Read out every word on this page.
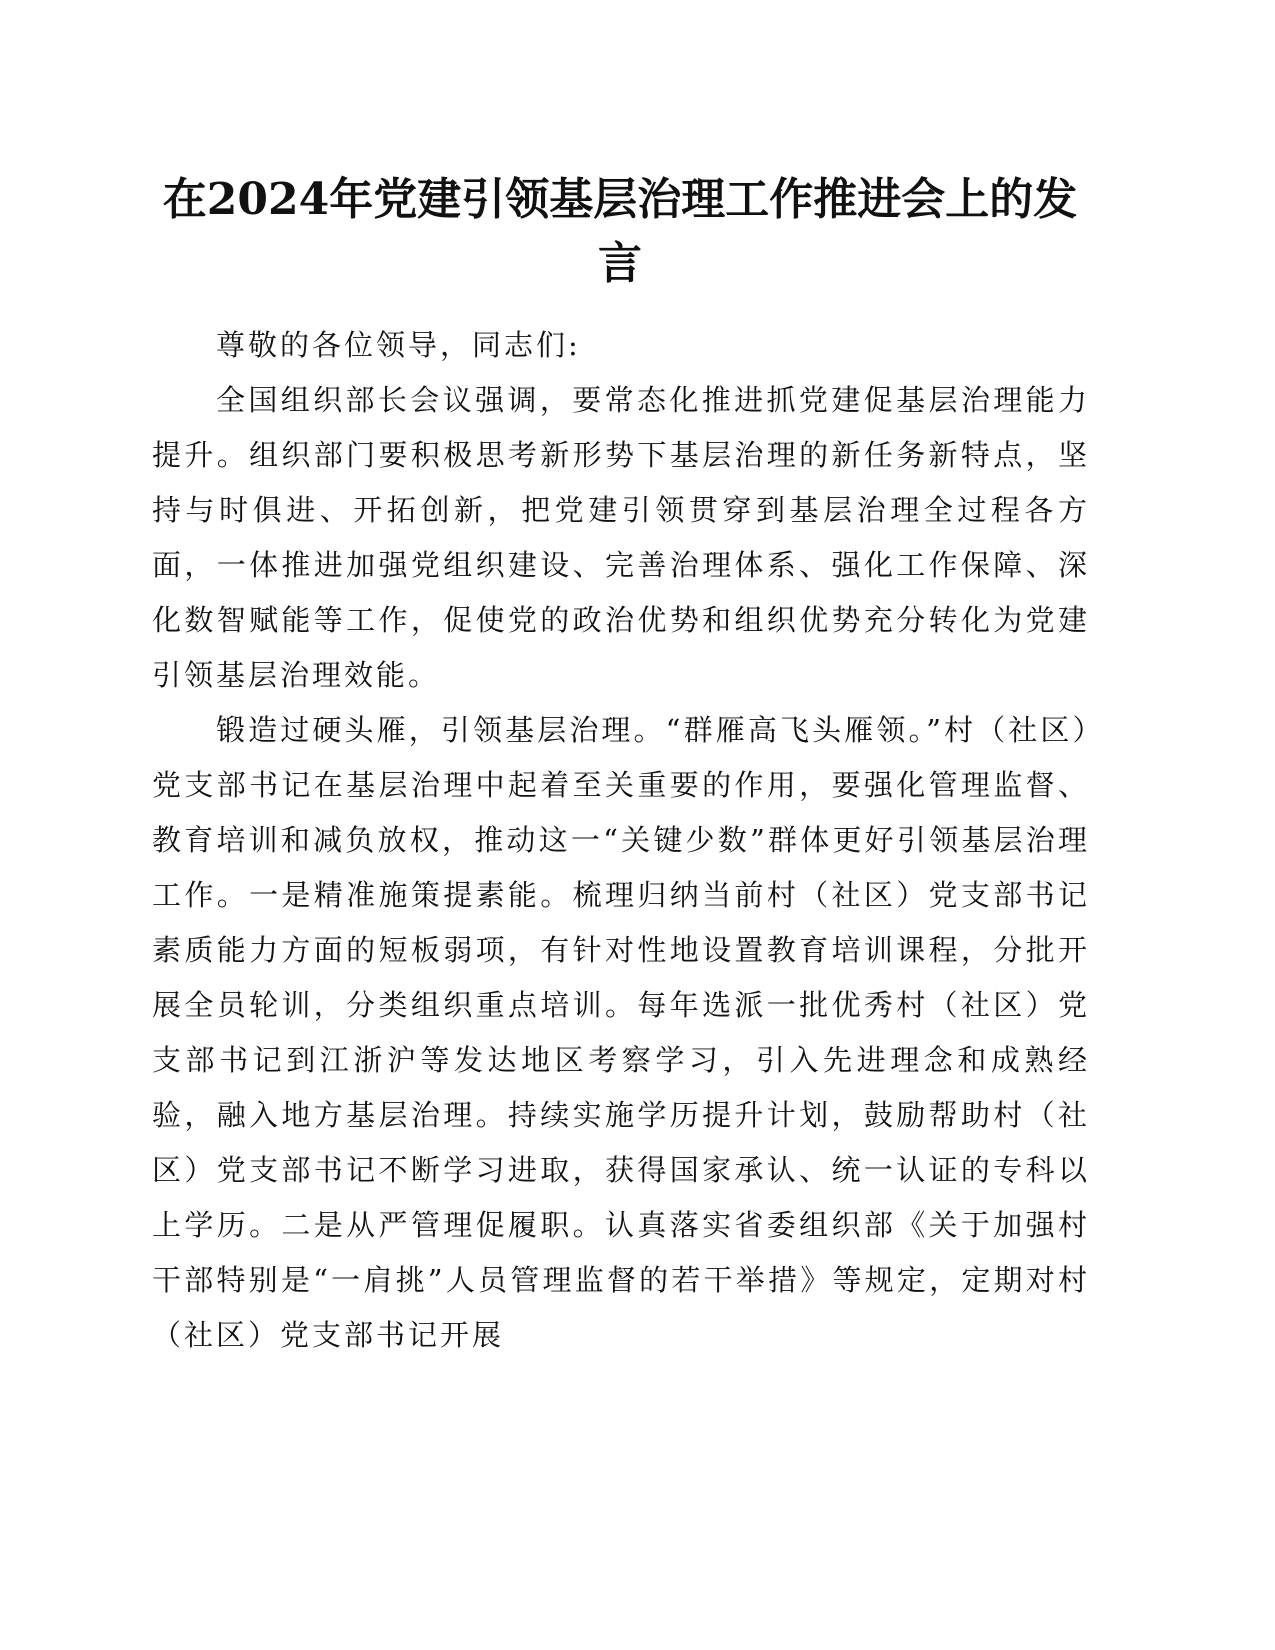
在2024年党建引领基层治理工作推进会上的发言

尊敬的各位领导，同志们:

全国组织部长会议强调，要常态化推进抓党建促基层治理能力提升。组织部门要积极思考新形势下基层治理的新任务新特点，坚持与时俱进、开拓创新，把党建引领贯穿到基层治理全过程各方面，一体推进加强党组织建设、完善治理体系、强化工作保障、深化数智赋能等工作，促使党的政治优势和组织优势充分转化为党建引领基层治理效能。

锻造过硬头雁，引领基层治理。“群雁高飞头雁领。”村（社区）党支部书记在基层治理中起着至关重要的作用，要强化管理监督、教育培训和减负放权，推动这一“关键少数”群体更好引领基层治理工作。一是精准施策提素能。梳理归纳当前村（社区）党支部书记素质能力方面的短板弱项，有针对性地设置教育培训课程，分批开展全员轮训，分类组织重点培训。每年选派一批优秀村（社区）党支部书记到江浙沪等发达地区考察学习，引入先进理念和成熟经验，融入地方基层治理。持续实施学历提升计划，鼓励帮助村（社区）党支部书记不断学习进取，获得国家承认、统一认证的专科以上学历。二是从严管理促履职。认真落实省委组织部《关于加强村干部特别是“一肩挑”人员管理监督的若干举措》等规定，定期对村（社区）党支部书记开展
